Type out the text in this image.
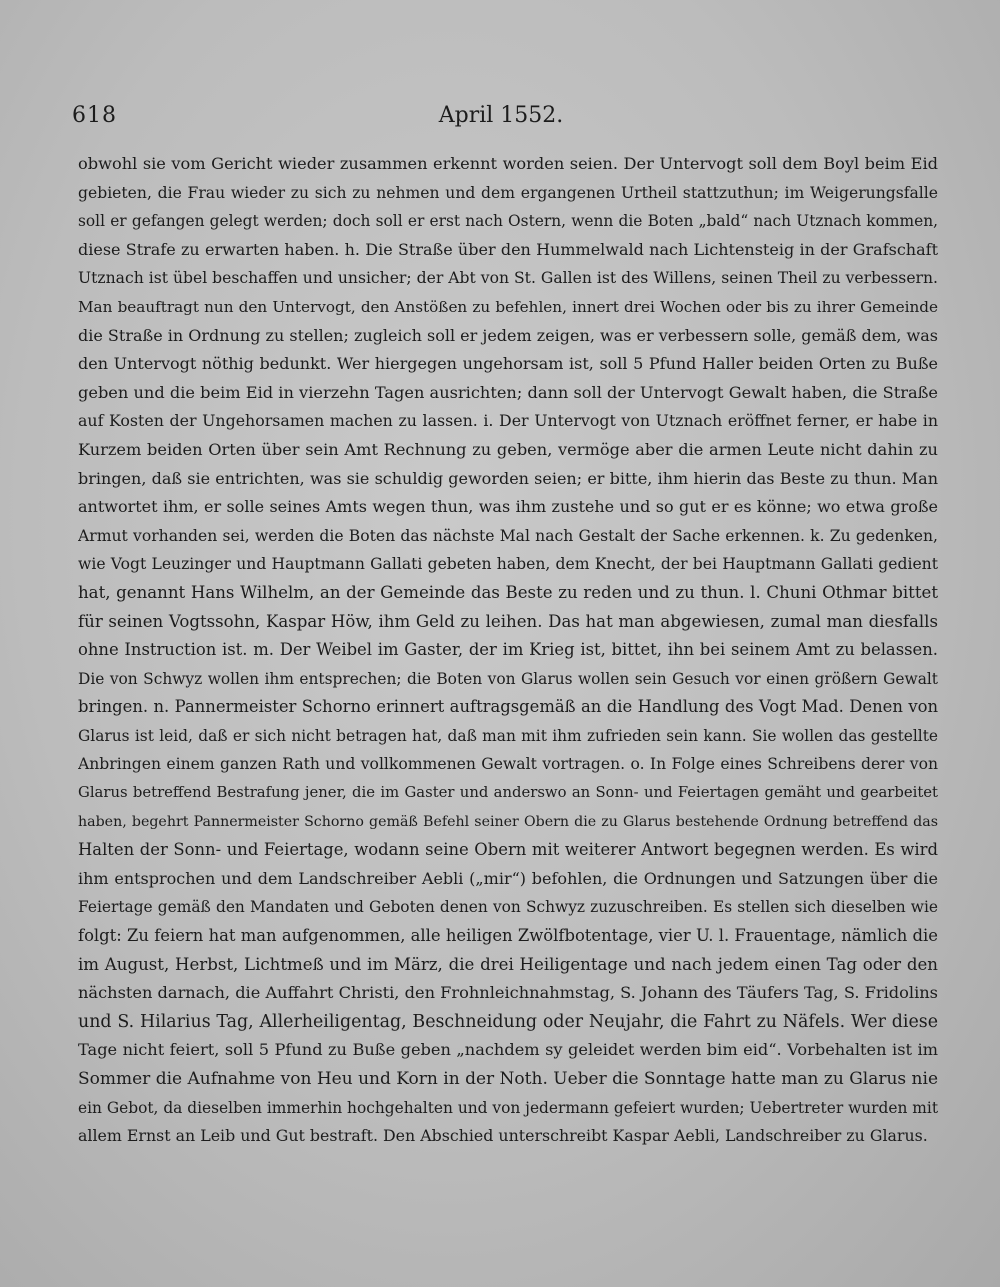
618	April 1552.
obwohl sie vom Gericht wieder zusammen erkennt worden seien. Der Untervogt soll dem Boyl beim Eid
gebieten, die Frau wieder zu sich zu nehmen und dem ergangenen Urtheil stattzuthun; im Weigerungsfalle
soll er gefangen gelegt werden; doch soll er erst nach Ostern, wenn die Boten „bald“ nach Utznach kommen,
diese Strafe zu erwarten haben. h. Die Straße über den Hummelwald nach Lichtensteig in der Grafschaft
Utznach ist übel beschaffen und unsicher; der Abt von St. Gallen ist des Willens, seinen Theil zu verbessern.
Man beauftragt nun den Untervogt, den Anstößen zu befehlen, innert drei Wochen oder bis zu ihrer Gemeinde
die Straße in Ordnung zu stellen; zugleich soll er jedem zeigen, was er verbessern solle, gemäß dem, was
den Untervogt nöthig bedunkt. Wer hiergegen ungehorsam ist, soll 5 Pfund Haller beiden Orten zu Buße
geben und die beim Eid in vierzehn Tagen ausrichten; dann soll der Untervogt Gewalt haben, die Straße
auf Kosten der Ungehorsamen machen zu lassen. i. Der Untervogt von Utznach eröffnet ferner, er habe in
Kurzem beiden Orten über sein Amt Rechnung zu geben, vermöge aber die armen Leute nicht dahin zu
bringen, daß sie entrichten, was sie schuldig geworden seien; er bitte, ihm hierin das Beste zu thun. Man
antwortet ihm, er solle seines Amts wegen thun, was ihm zustehe und so gut er es könne; wo etwa große
Armut vorhanden sei, werden die Boten das nächste Mal nach Gestalt der Sache erkennen. k. Zu gedenken,
wie Vogt Leuzinger und Hauptmann Gallati gebeten haben, dem Knecht, der bei Hauptmann Gallati gedient
hat, genannt Hans Wilhelm, an der Gemeinde das Beste zu reden und zu thun. l. Chuni Othmar bittet
für seinen Vogtssohn, Kaspar Höw, ihm Geld zu leihen. Das hat man abgewiesen, zumal man diesfalls
ohne Instruction ist. m. Der Weibel im Gaster, der im Krieg ist, bittet, ihn bei seinem Amt zu belassen.
Die von Schwyz wollen ihm entsprechen; die Boten von Glarus wollen sein Gesuch vor einen größern Gewalt
bringen. n. Pannermeister Schorno erinnert auftragsgemäß an die Handlung des Vogt Mad. Denen von
Glarus ist leid, daß er sich nicht betragen hat, daß man mit ihm zufrieden sein kann. Sie wollen das gestellte
Anbringen einem ganzen Rath und vollkommenen Gewalt vortragen. o. In Folge eines Schreibens derer von
Glarus betreffend Bestrafung jener, die im Gaster und anderswo an Sonn- und Feiertagen gemäht und gearbeitet
haben, begehrt Pannermeister Schorno gemäß Befehl seiner Obern die zu Glarus bestehende Ordnung betreffend das
Halten der Sonn- und Feiertage, wodann seine Obern mit weiterer Antwort begegnen werden. Es wird
ihm entsprochen und dem Landschreiber Aebli („mir“) befohlen, die Ordnungen und Satzungen über die
Feiertage gemäß den Mandaten und Geboten denen von Schwyz zuzuschreiben. Es stellen sich dieselben wie
folgt: Zu feiern hat man aufgenommen, alle heiligen Zwölfbotentage, vier U. l. Frauentage, nämlich die
im August, Herbst, Lichtmeß und im März, die drei Heiligentage und nach jedem einen Tag oder den
nächsten darnach, die Auffahrt Christi, den Frohnleichnahmstag, S. Johann des Täufers Tag, S. Fridolins
und S. Hilarius Tag, Allerheiligentag, Beschneidung oder Neujahr, die Fahrt zu Näfels. Wer diese
Tage nicht feiert, soll 5 Pfund zu Buße geben „nachdem sy geleidet werden bim eid“. Vorbehalten ist im
Sommer die Aufnahme von Heu und Korn in der Noth. Ueber die Sonntage hatte man zu Glarus nie
ein Gebot, da dieselben immerhin hochgehalten und von jedermann gefeiert wurden; Uebertreter wurden mit
allem Ernst an Leib und Gut bestraft. Den Abschied unterschreibt Kaspar Aebli, Landschreiber zu Glarus.
